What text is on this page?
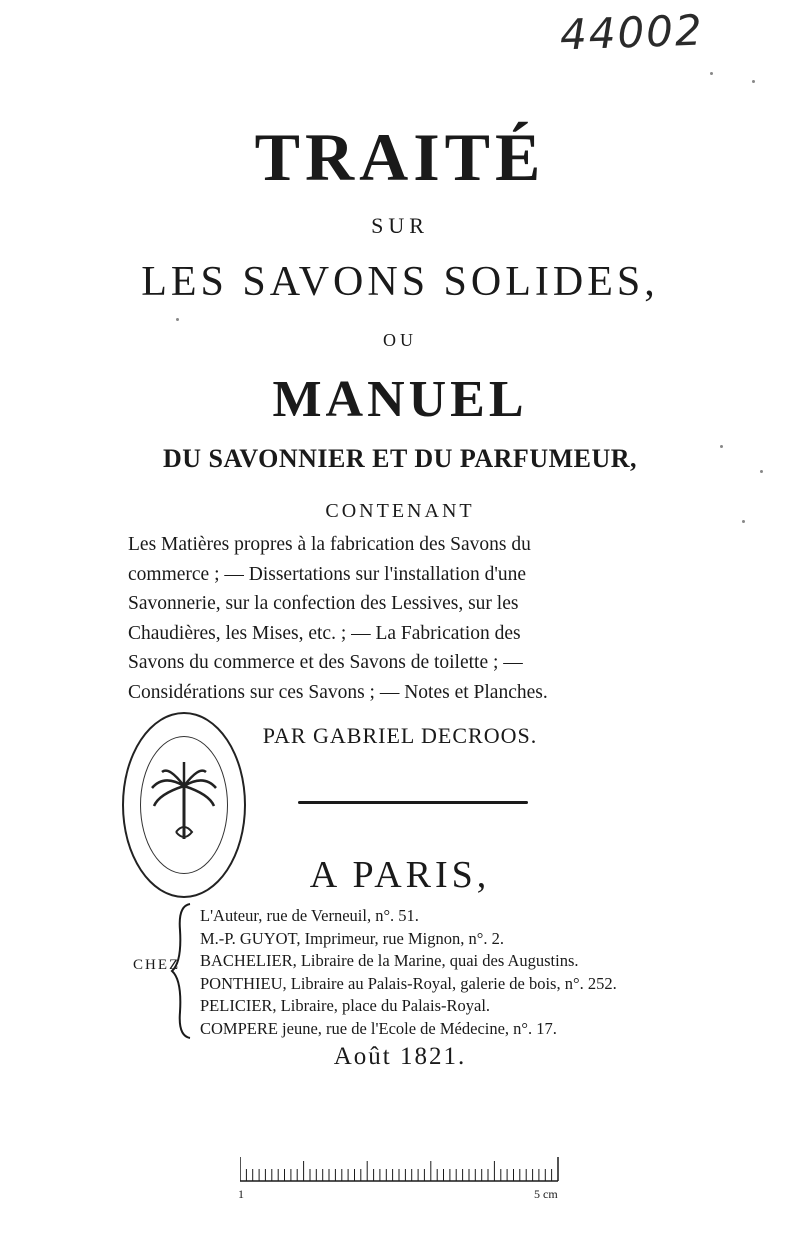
44002
TRAITÉ
SUR
LES SAVONS SOLIDES,
OU
MANUEL
DU SAVONNIER ET DU PARFUMEUR,
CONTENANT
Les Matières propres à la fabrication des Savons du
commerce ; — Dissertations sur l'installation d'une
Savonnerie, sur la confection des Lessives, sur les
Chaudières, les Mises, etc. ; — La Fabrication des
Savons du commerce et des Savons de toilette ; —
Considérations sur ces Savons ; — Notes et Planches.
PAR GABRIEL DECROOS.
A PARIS,
CHEZ
L'Auteur, rue de Verneuil, n°. 51.
M.-P. GUYOT, Imprimeur, rue Mignon, n°. 2.
BACHELIER, Libraire de la Marine, quai des Augustins.
PONTHIEU, Libraire au Palais-Royal, galerie de bois, n°. 252.
PELICIER, Libraire, place du Palais-Royal.
COMPERE jeune, rue de l'Ecole de Médecine, n°. 17.
Août 1821.
1	5 cm
